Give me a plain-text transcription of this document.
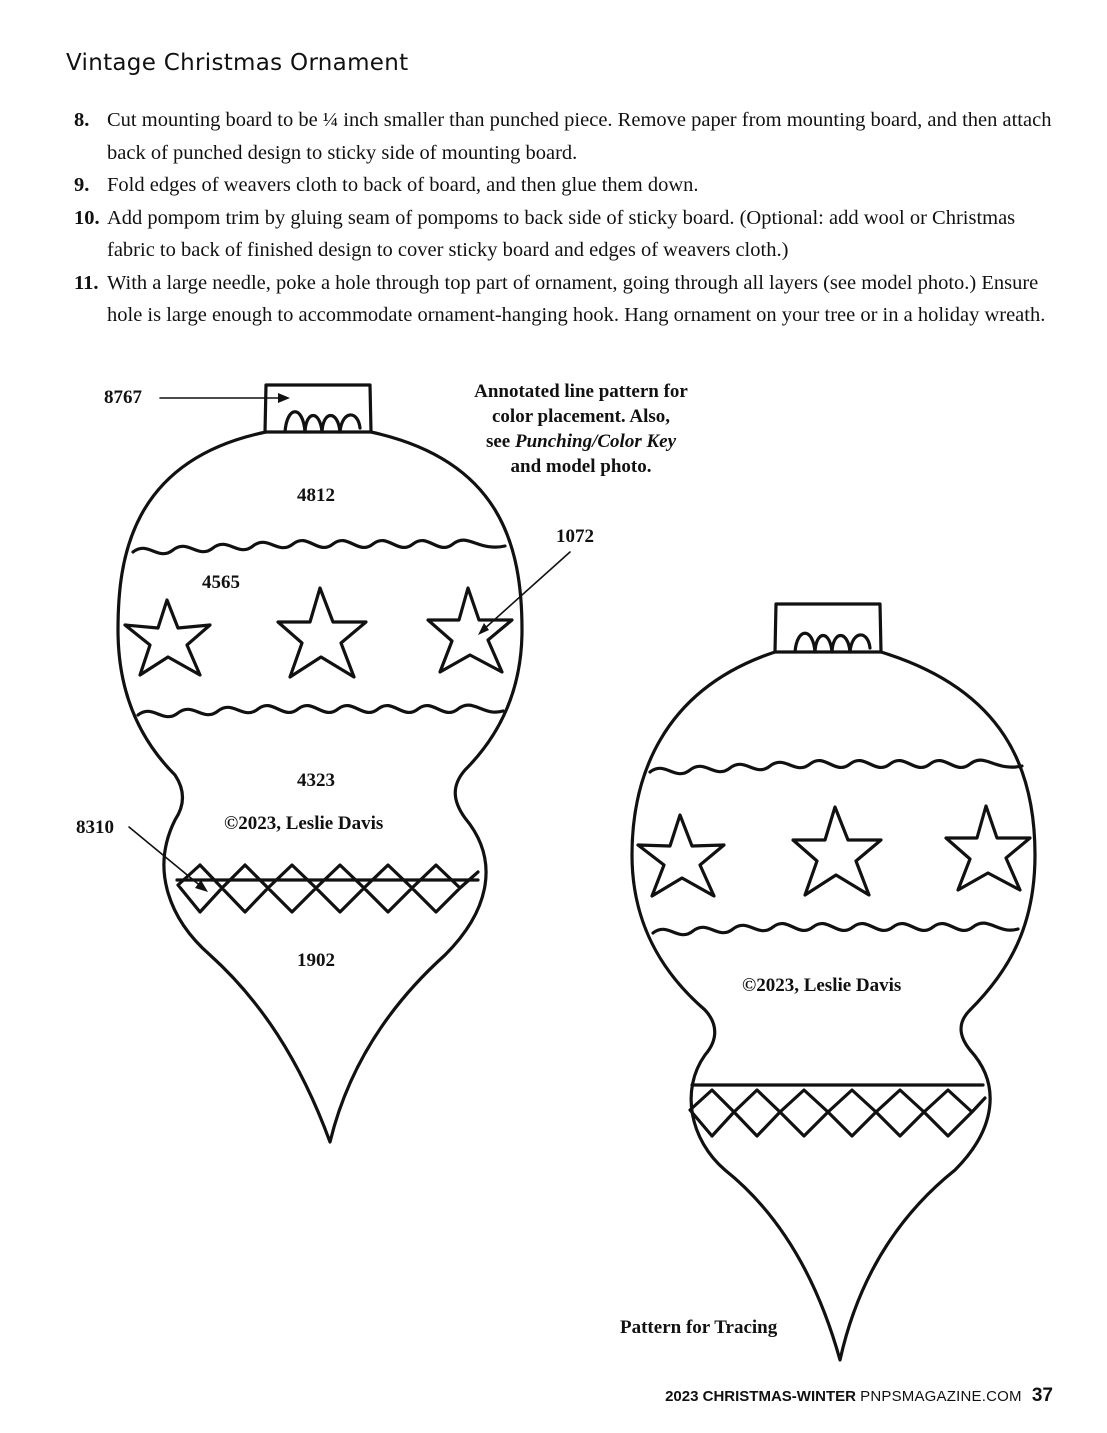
Vintage Christmas Ornament
8. Cut mounting board to be ¼ inch smaller than punched piece. Remove paper from mounting board, and then attach back of punched design to sticky side of mounting board.
9. Fold edges of weavers cloth to back of board, and then glue them down.
10. Add pompom trim by gluing seam of pompoms to back side of sticky board. (Optional: add wool or Christmas fabric to back of finished design to cover sticky board and edges of weavers cloth.)
11. With a large needle, poke a hole through top part of ornament, going through all layers (see model photo.) Ensure hole is large enough to accommodate ornament-hanging hook. Hang ornament on your tree or in a holiday wreath.
8767
4812
4565
1072
4323
8310
1902
©2023, Leslie Davis
Annotated line pattern for
color placement. Also,
see Punching/Color Key
and model photo.
©2023, Leslie Davis
Pattern for Tracing
2023 CHRISTMAS-WINTER PNPSMAGAZINE.COM 37
